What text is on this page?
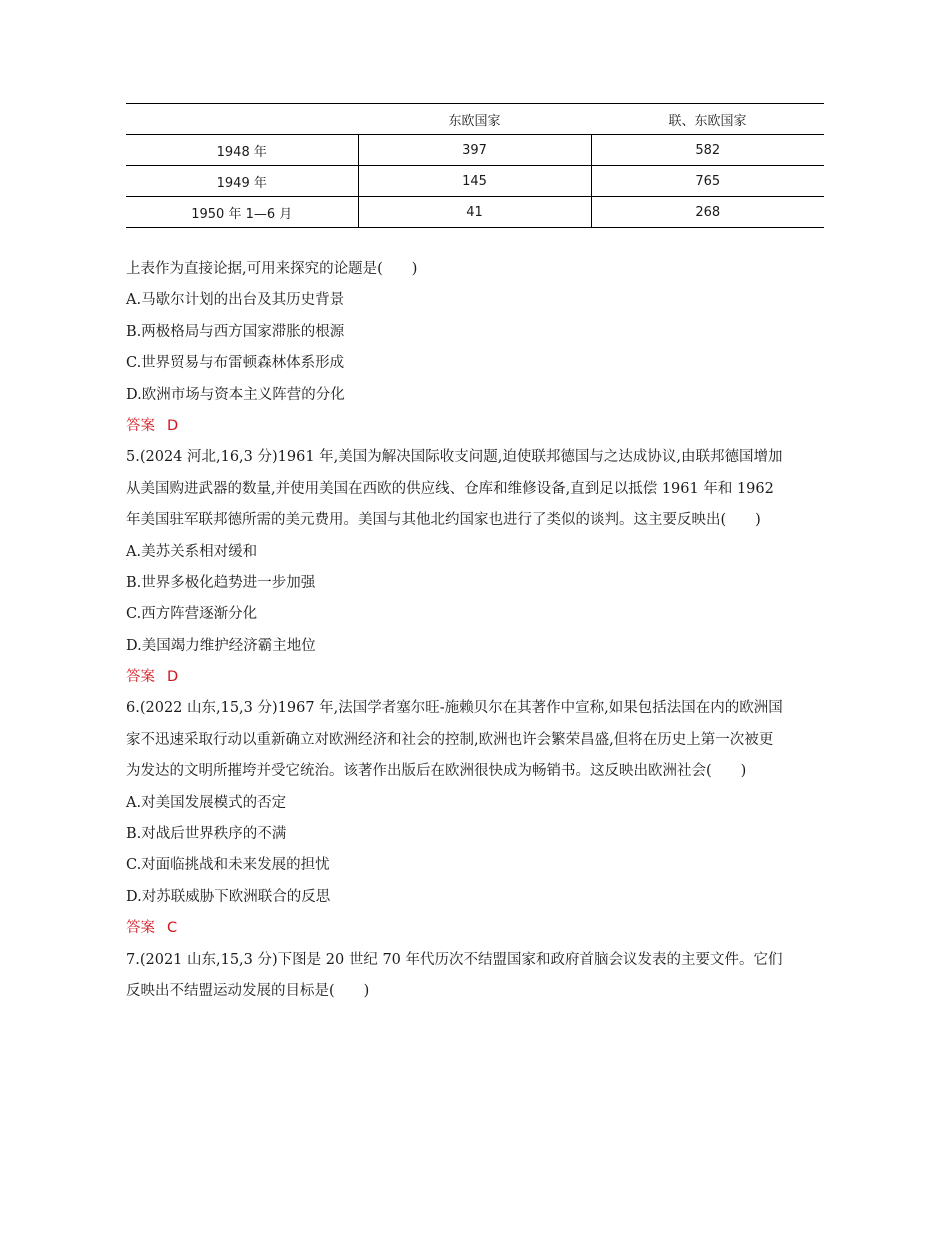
	东欧国家	联、东欧国家
1948 年	397	582
1949 年	145	765
1950 年 1—6 月	41	268
上表作为直接论据,可用来探究的论题是(　　)
A.马歇尔计划的出台及其历史背景
B.两极格局与西方国家滞胀的根源
C.世界贸易与布雷顿森林体系形成
D.欧洲市场与资本主义阵营的分化
答案 D
5.(2024 河北,16,3 分)1961 年,美国为解决国际收支问题,迫使联邦德国与之达成协议,由联邦德国增加
从美国购进武器的数量,并使用美国在西欧的供应线、仓库和维修设备,直到足以抵偿 1961 年和 1962
年美国驻军联邦德所需的美元费用。美国与其他北约国家也进行了类似的谈判。这主要反映出(　　)
A.美苏关系相对缓和
B.世界多极化趋势进一步加强
C.西方阵营逐渐分化
D.美国竭力维护经济霸主地位
答案 D
6.(2022 山东,15,3 分)1967 年,法国学者塞尔旺-施赖贝尔在其著作中宣称,如果包括法国在内的欧洲国
家不迅速采取行动以重新确立对欧洲经济和社会的控制,欧洲也许会繁荣昌盛,但将在历史上第一次被更
为发达的文明所摧垮并受它统治。该著作出版后在欧洲很快成为畅销书。这反映出欧洲社会(　　)
A.对美国发展模式的否定
B.对战后世界秩序的不满
C.对面临挑战和未来发展的担忧
D.对苏联威胁下欧洲联合的反思
答案 C
7.(2021 山东,15,3 分)下图是 20 世纪 70 年代历次不结盟国家和政府首脑会议发表的主要文件。它们
反映出不结盟运动发展的目标是(　　)
